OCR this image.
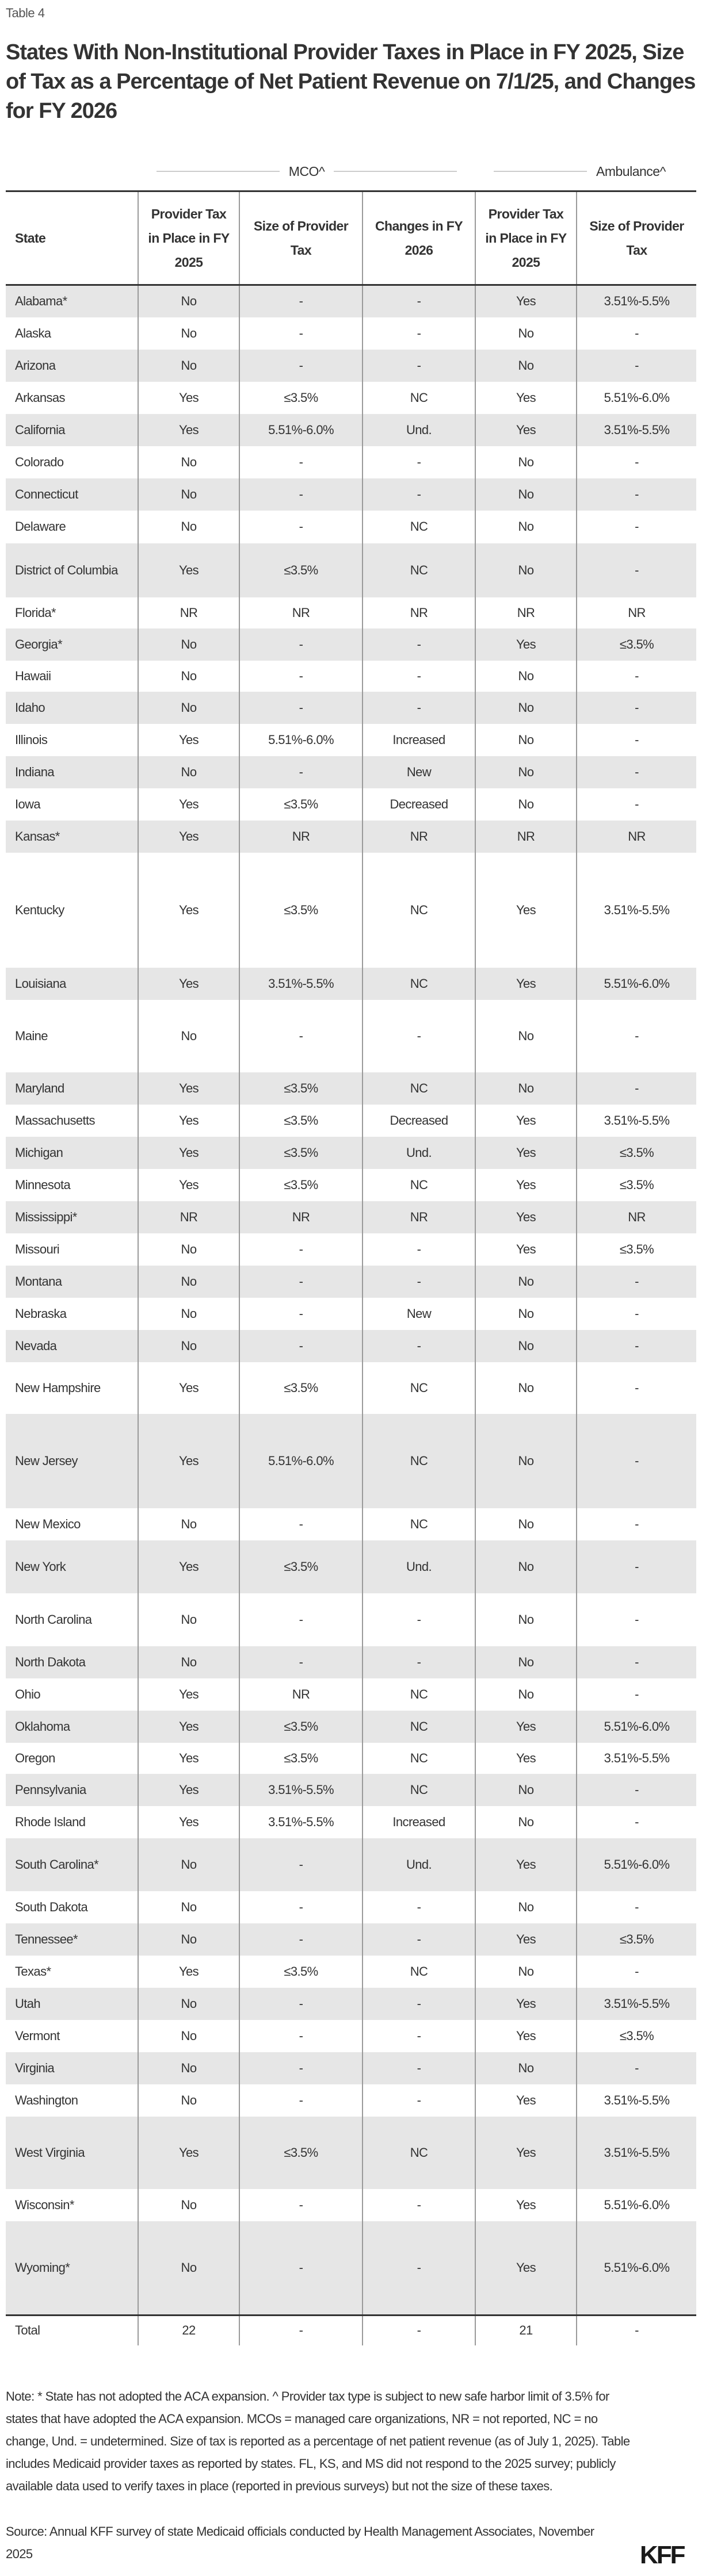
Table 4
States With Non-Institutional Provider Taxes in Place in FY 2025, Size of Tax as a Percentage of Net Patient Revenue on 7/1/25, and Changes for FY 2026
MCO^	Ambulance^
State	Provider Tax in Place in FY 2025	Size of Provider Tax	Changes in FY 2026	Provider Tax in Place in FY 2025	Size of Provider Tax
Alabama*	No	-	-	Yes	3.51%-5.5%
Alaska	No	-	-	No	-
Arizona	No	-	-	No	-
Arkansas	Yes	≤3.5%	NC	Yes	5.51%-6.0%
California	Yes	5.51%-6.0%	Und.	Yes	3.51%-5.5%
Colorado	No	-	-	No	-
Connecticut	No	-	-	No	-
Delaware	No	-	NC	No	-
District of Columbia	Yes	≤3.5%	NC	No	-
Florida*	NR	NR	NR	NR	NR
Georgia*	No	-	-	Yes	≤3.5%
Hawaii	No	-	-	No	-
Idaho	No	-	-	No	-
Illinois	Yes	5.51%-6.0%	Increased	No	-
Indiana	No	-	New	No	-
Iowa	Yes	≤3.5%	Decreased	No	-
Kansas*	Yes	NR	NR	NR	NR
Kentucky	Yes	≤3.5%	NC	Yes	3.51%-5.5%
Louisiana	Yes	3.51%-5.5%	NC	Yes	5.51%-6.0%
Maine	No	-	-	No	-
Maryland	Yes	≤3.5%	NC	No	-
Massachusetts	Yes	≤3.5%	Decreased	Yes	3.51%-5.5%
Michigan	Yes	≤3.5%	Und.	Yes	≤3.5%
Minnesota	Yes	≤3.5%	NC	Yes	≤3.5%
Mississippi*	NR	NR	NR	Yes	NR
Missouri	No	-	-	Yes	≤3.5%
Montana	No	-	-	No	-
Nebraska	No	-	New	No	-
Nevada	No	-	-	No	-
New Hampshire	Yes	≤3.5%	NC	No	-
New Jersey	Yes	5.51%-6.0%	NC	No	-
New Mexico	No	-	NC	No	-
New York	Yes	≤3.5%	Und.	No	-
North Carolina	No	-	-	No	-
North Dakota	No	-	-	No	-
Ohio	Yes	NR	NC	No	-
Oklahoma	Yes	≤3.5%	NC	Yes	5.51%-6.0%
Oregon	Yes	≤3.5%	NC	Yes	3.51%-5.5%
Pennsylvania	Yes	3.51%-5.5%	NC	No	-
Rhode Island	Yes	3.51%-5.5%	Increased	No	-
South Carolina*	No	-	Und.	Yes	5.51%-6.0%
South Dakota	No	-	-	No	-
Tennessee*	No	-	-	Yes	≤3.5%
Texas*	Yes	≤3.5%	NC	No	-
Utah	No	-	-	Yes	3.51%-5.5%
Vermont	No	-	-	Yes	≤3.5%
Virginia	No	-	-	No	-
Washington	No	-	-	Yes	3.51%-5.5%
West Virginia	Yes	≤3.5%	NC	Yes	3.51%-5.5%
Wisconsin*	No	-	-	Yes	5.51%-6.0%
Wyoming*	No	-	-	Yes	5.51%-6.0%
Total	22	-	-	21	-

Note: * State has not adopted the ACA expansion. ^ Provider tax type is subject to new safe harbor limit of 3.5% for states that have adopted the ACA expansion. MCOs = managed care organizations, NR = not reported, NC = no change, Und. = undetermined. Size of tax is reported as a percentage of net patient revenue (as of July 1, 2025). Table includes Medicaid provider taxes as reported by states. FL, KS, and MS did not respond to the 2025 survey; publicly available data used to verify taxes in place (reported in previous surveys) but not the size of these taxes.

Source: Annual KFF survey of state Medicaid officials conducted by Health Management Associates, November 2025	KFF
